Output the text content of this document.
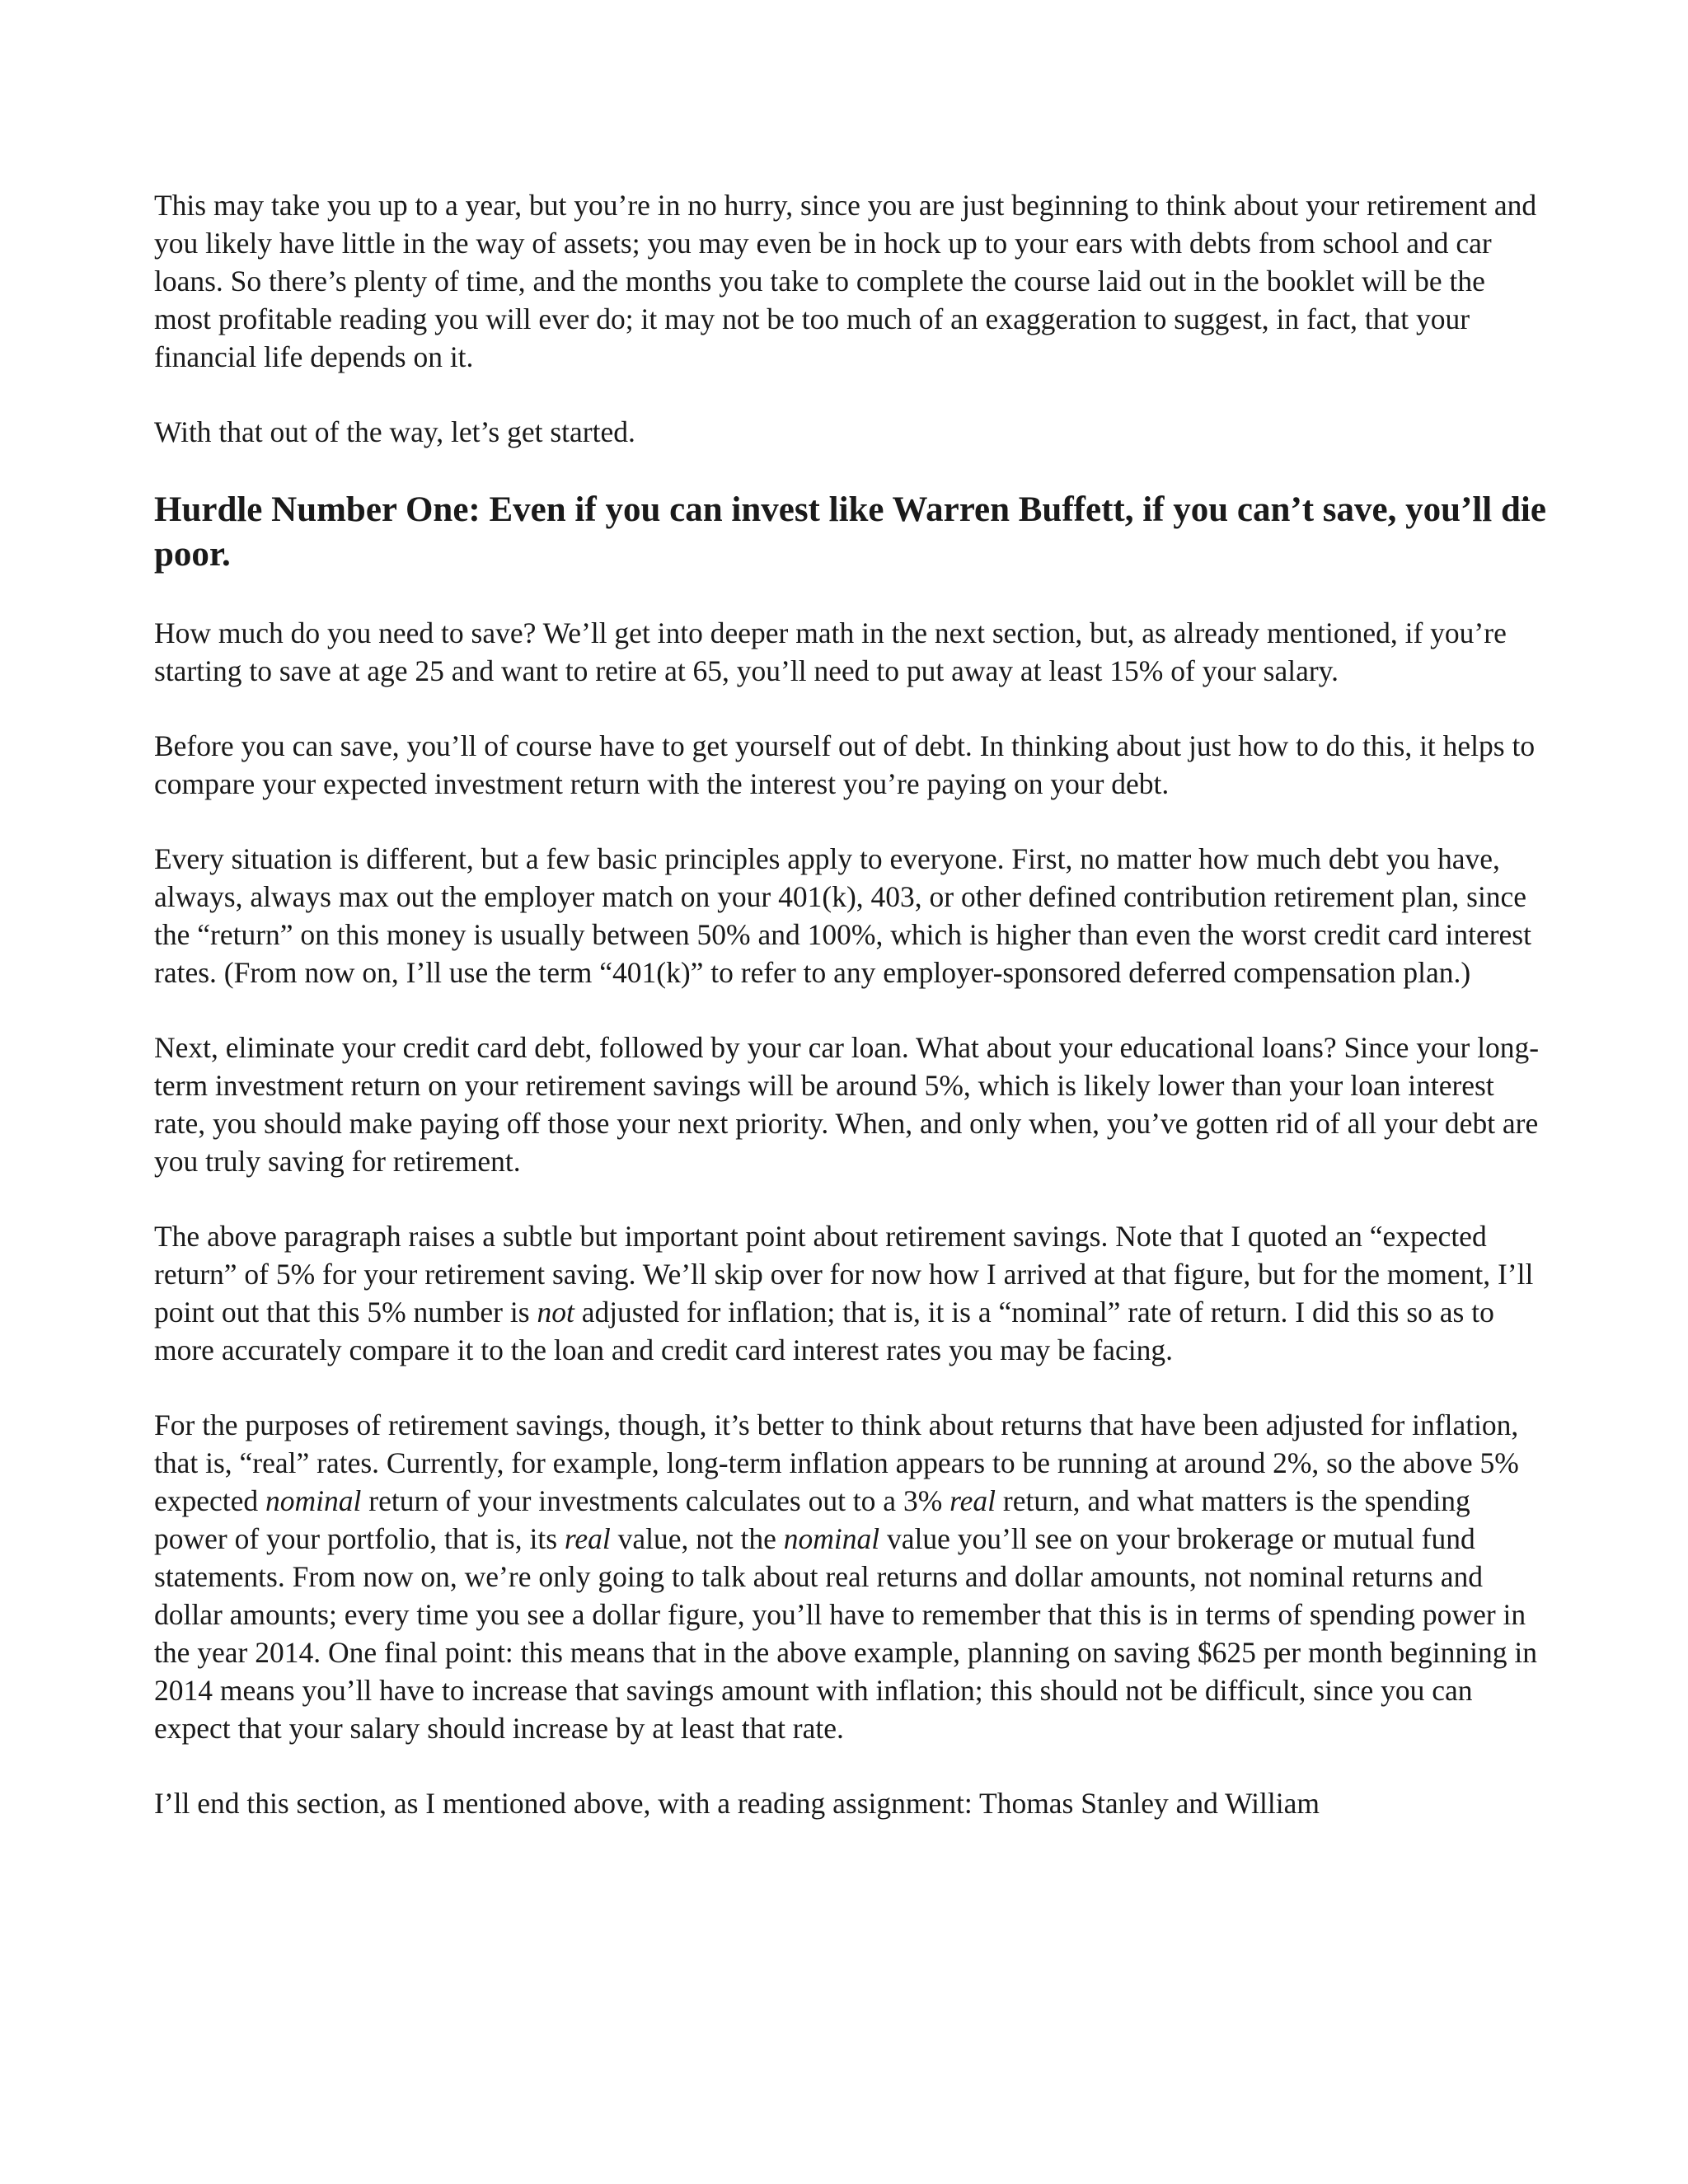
This may take you up to a year, but you’re in no hurry, since you are just beginning to think about your retirement and you likely have little in the way of assets; you may even be in hock up to your ears with debts from school and car loans. So there’s plenty of time, and the months you take to complete the course laid out in the booklet will be the most profitable reading you will ever do; it may not be too much of an exaggeration to suggest, in fact, that your financial life depends on it.

With that out of the way, let’s get started.

Hurdle Number One: Even if you can invest like Warren Buffett, if you can’t save, you’ll die poor.

How much do you need to save? We’ll get into deeper math in the next section, but, as already mentioned, if you’re starting to save at age 25 and want to retire at 65, you’ll need to put away at least 15% of your salary.

Before you can save, you’ll of course have to get yourself out of debt. In thinking about just how to do this, it helps to compare your expected investment return with the interest you’re paying on your debt.

Every situation is different, but a few basic principles apply to everyone. First, no matter how much debt you have, always, always max out the employer match on your 401(k), 403, or other defined contribution retirement plan, since the “return” on this money is usually between 50% and 100%, which is higher than even the worst credit card interest rates. (From now on, I’ll use the term “401(k)” to refer to any employer-sponsored deferred compensation plan.)

Next, eliminate your credit card debt, followed by your car loan. What about your educational loans? Since your long-term investment return on your retirement savings will be around 5%, which is likely lower than your loan interest rate, you should make paying off those your next priority. When, and only when, you’ve gotten rid of all your debt are you truly saving for retirement.

The above paragraph raises a subtle but important point about retirement savings. Note that I quoted an “expected return” of 5% for your retirement saving. We’ll skip over for now how I arrived at that figure, but for the moment, I’ll point out that this 5% number is not adjusted for inflation; that is, it is a “nominal” rate of return. I did this so as to more accurately compare it to the loan and credit card interest rates you may be facing.

For the purposes of retirement savings, though, it’s better to think about returns that have been adjusted for inflation, that is, “real” rates. Currently, for example, long-term inflation appears to be running at around 2%, so the above 5% expected nominal return of your investments calculates out to a 3% real return, and what matters is the spending power of your portfolio, that is, its real value, not the nominal value you’ll see on your brokerage or mutual fund statements. From now on, we’re only going to talk about real returns and dollar amounts, not nominal returns and dollar amounts; every time you see a dollar figure, you’ll have to remember that this is in terms of spending power in the year 2014. One final point: this means that in the above example, planning on saving $625 per month beginning in 2014 means you’ll have to increase that savings amount with inflation; this should not be difficult, since you can expect that your salary should increase by at least that rate.

I’ll end this section, as I mentioned above, with a reading assignment: Thomas Stanley and William
